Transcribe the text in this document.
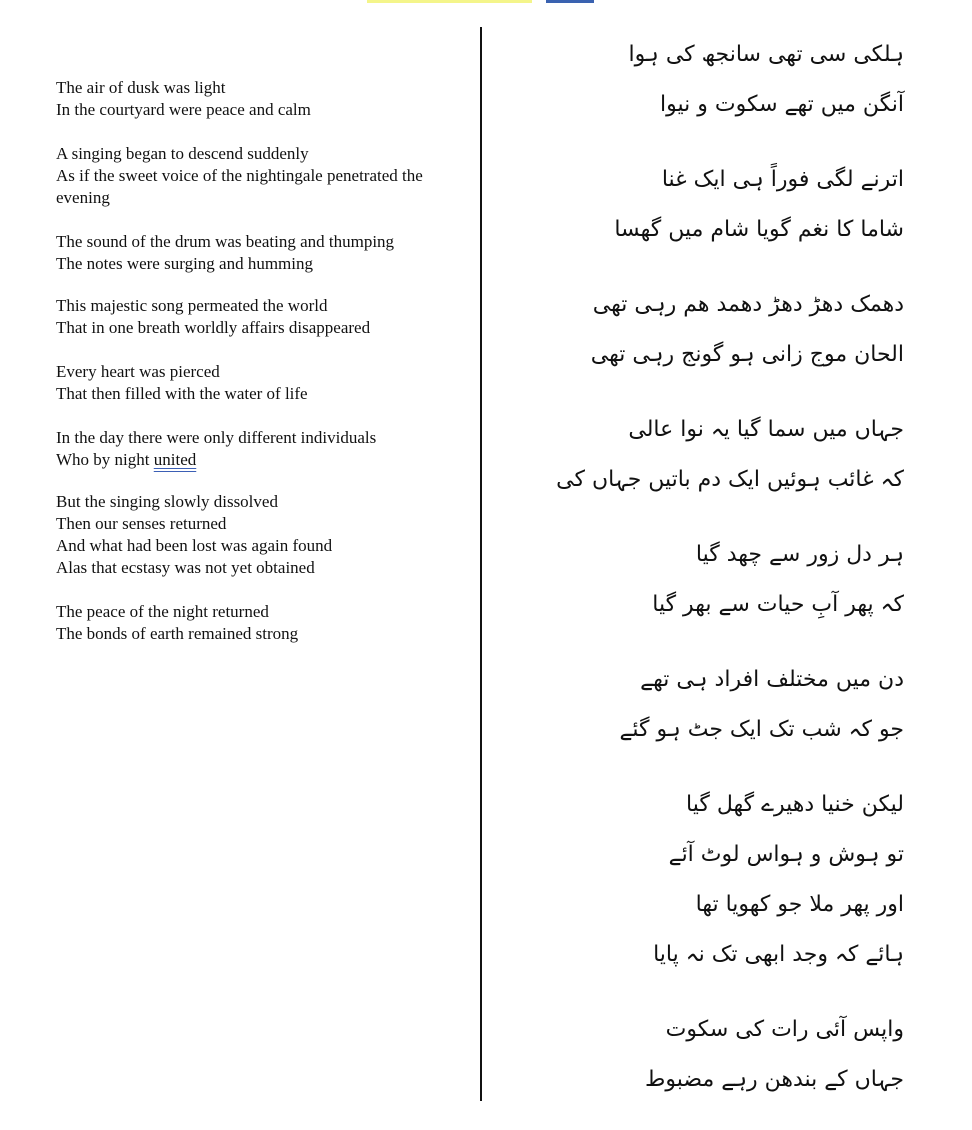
The air of dusk was light
In the courtyard were peace and calm
A singing began to descend suddenly
As if the sweet voice of the nightingale penetrated the evening
The sound of the drum was beating and thumping
The notes were surging and humming
This majestic song permeated the world
That in one breath worldly affairs disappeared
Every heart was pierced
That then filled with the water of life
In the day there were only different individuals
Who by night united
But the singing slowly dissolved
Then our senses returned
And what had been lost was again found
Alas that ecstasy was not yet obtained
The peace of the night returned
The bonds of earth remained strong
ہلکی سی تھی سانجھ کی ہوا
آنگن میں تھے سکوت و نیوا
اترنے لگی فوراً ہی ایک غنا
شاما کا نغم گویا شام میں گھسا
دھمک دھڑ دھڑ دھمد ھم رہی تھی
الحان موج زانی ہو گونج رہی تھی
جہاں میں سما گیا یہ نوا عالی
کہ غائب ہوئیں ایک دم باتیں جہاں کی
ہر دل زور سے چھد گیا
کہ پھر آبِ حیات سے بھر گیا
دن میں مختلف افراد ہی تھے
جو کہ شب تک ایک جٹ ہو گئے
لیکن خنیا دھیرے گھل گیا
تو ہوش و ہواس لوٹ آئے
اور پھر ملا جو کھویا تھا
ہائے کہ وجد ابھی تک نہ پایا
واپس آئی رات کی سکوت
جہاں کے بندھن رہے مضبوط
